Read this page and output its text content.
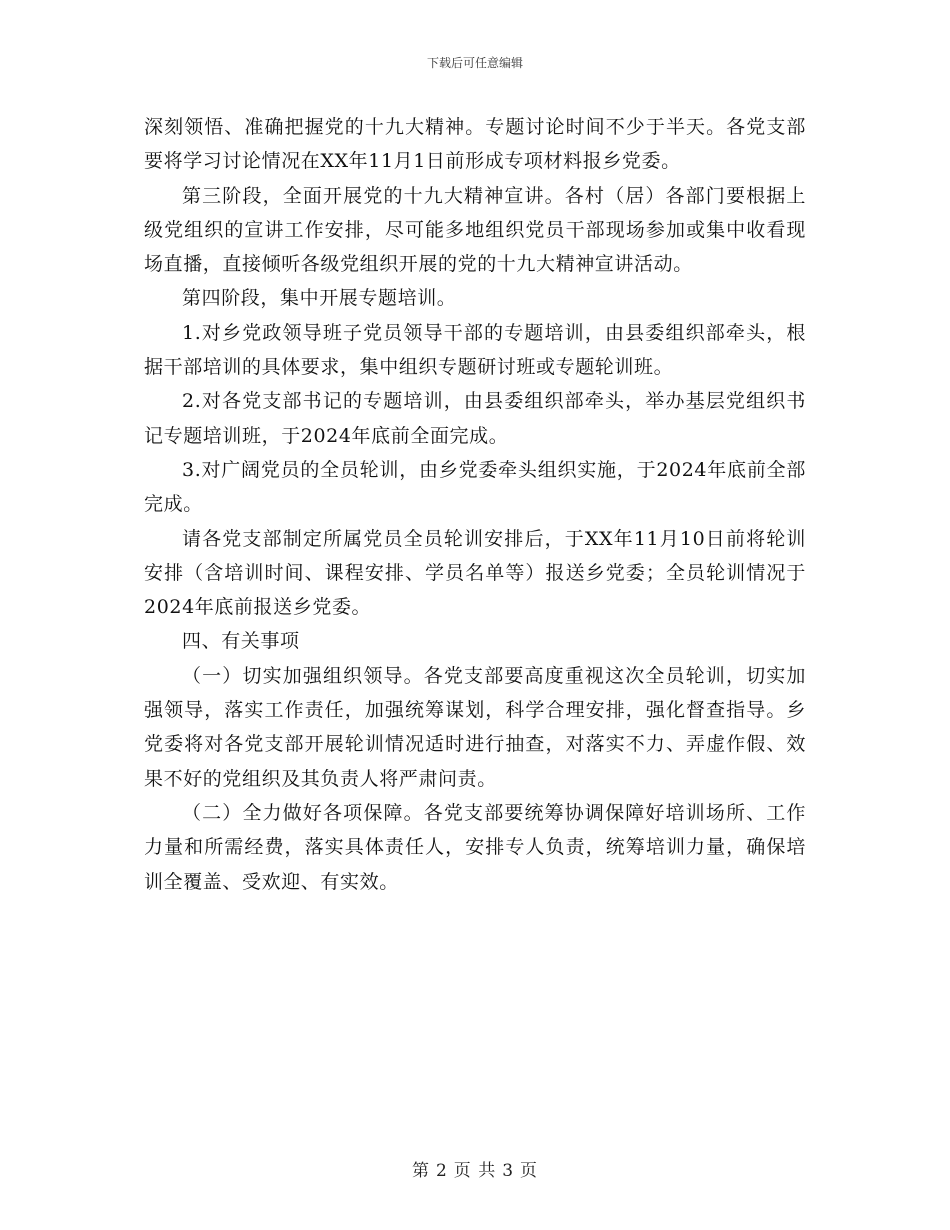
下载后可任意编辑

深刻领悟、准确把握党的十九大精神。专题讨论时间不少于半天。各党支部要将学习讨论情况在XX年11月1日前形成专项材料报乡党委。

第三阶段，全面开展党的十九大精神宣讲。各村（居）各部门要根据上级党组织的宣讲工作安排，尽可能多地组织党员干部现场参加或集中收看现场直播，直接倾听各级党组织开展的党的十九大精神宣讲活动。

第四阶段，集中开展专题培训。

1.对乡党政领导班子党员领导干部的专题培训，由县委组织部牵头，根据干部培训的具体要求，集中组织专题研讨班或专题轮训班。

2.对各党支部书记的专题培训，由县委组织部牵头，举办基层党组织书记专题培训班，于2024年底前全面完成。

3.对广阔党员的全员轮训，由乡党委牵头组织实施，于2024年底前全部完成。

请各党支部制定所属党员全员轮训安排后，于XX年11月10日前将轮训安排（含培训时间、课程安排、学员名单等）报送乡党委；全员轮训情况于2024年底前报送乡党委。

四、有关事项

（一）切实加强组织领导。各党支部要高度重视这次全员轮训，切实加强领导，落实工作责任，加强统筹谋划，科学合理安排，强化督查指导。乡党委将对各党支部开展轮训情况适时进行抽查，对落实不力、弄虚作假、效果不好的党组织及其负责人将严肃问责。

（二）全力做好各项保障。各党支部要统筹协调保障好培训场所、工作力量和所需经费，落实具体责任人，安排专人负责，统筹培训力量，确保培训全覆盖、受欢迎、有实效。

第 2 页 共 3 页
